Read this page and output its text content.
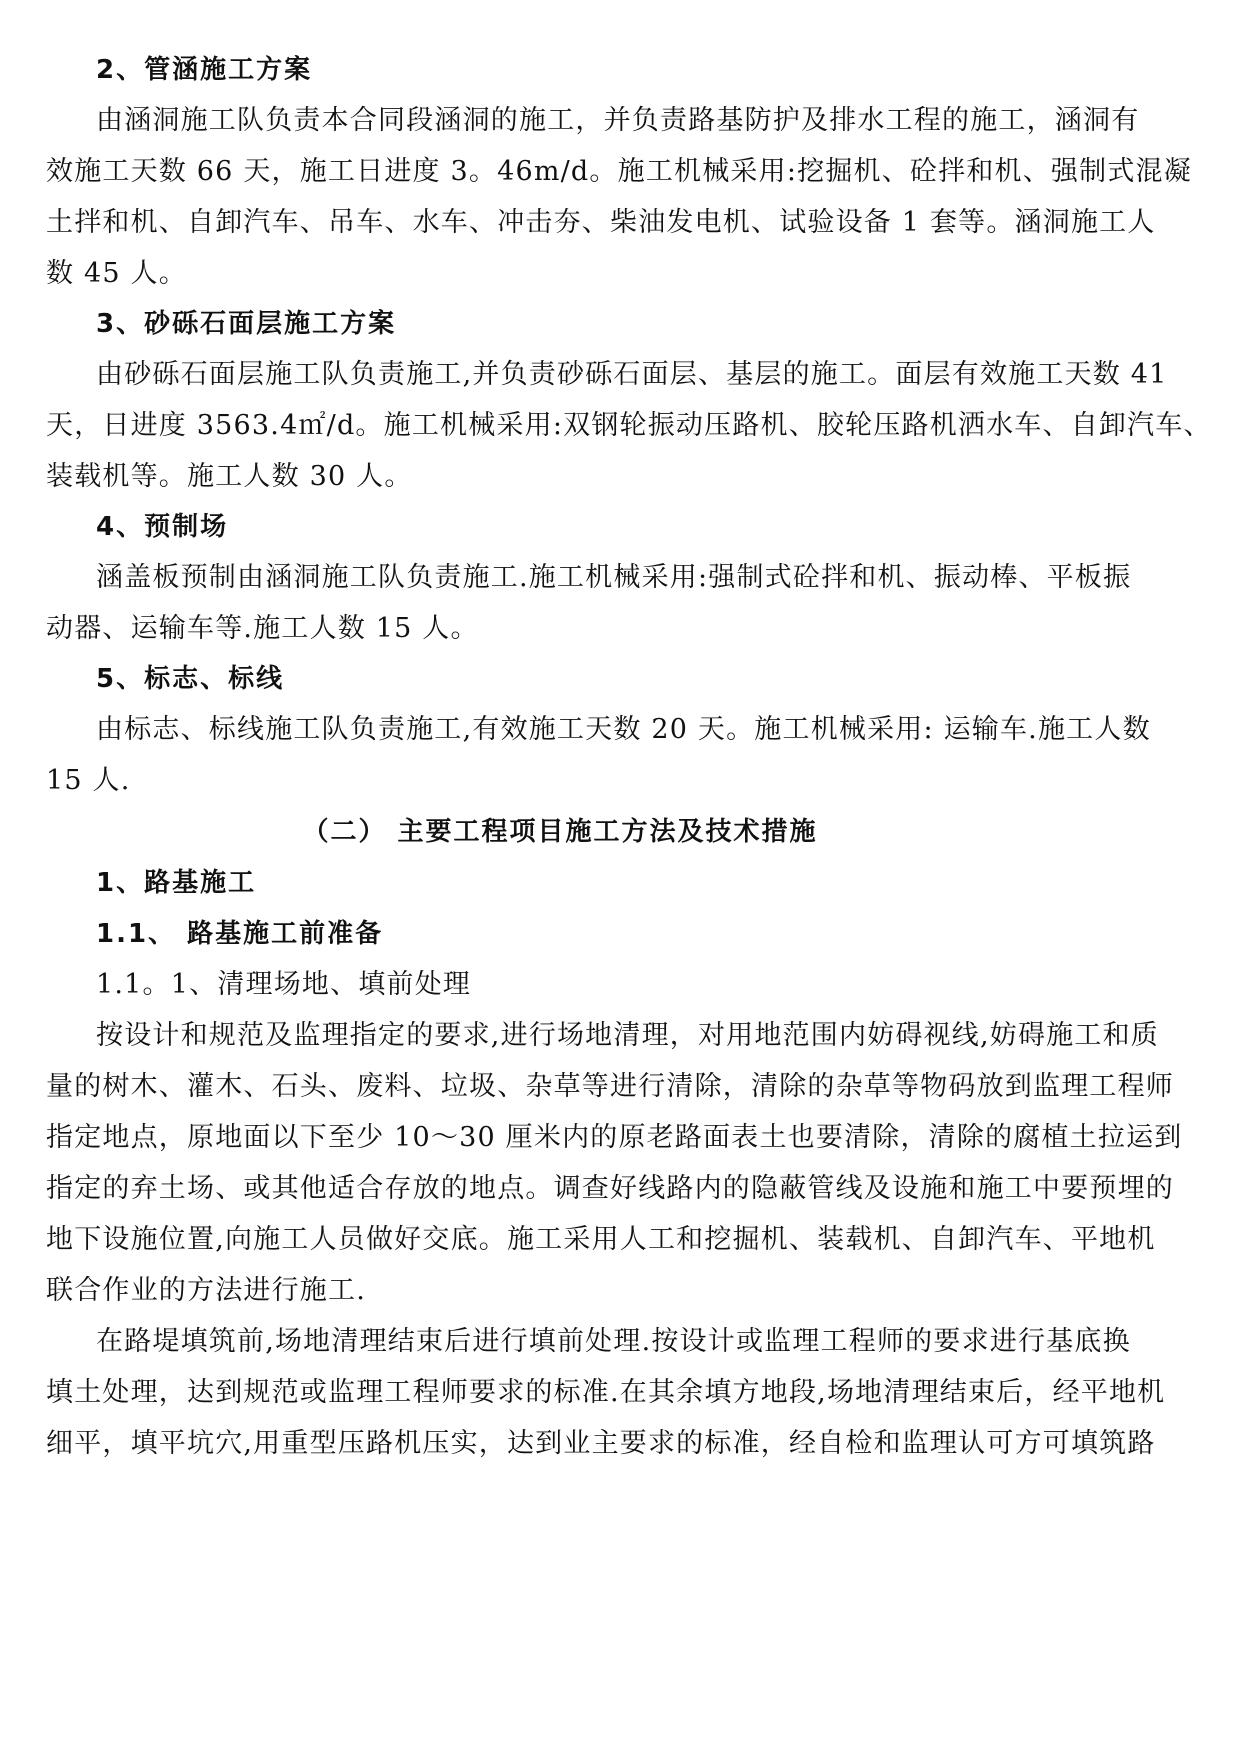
2、管涵施工方案
由涵洞施工队负责本合同段涵洞的施工，并负责路基防护及排水工程的施工，涵洞有
效施工天数 66 天，施工日进度 3。46m/d。施工机械采用:挖掘机、砼拌和机、强制式混凝
土拌和机、自卸汽车、吊车、水车、冲击夯、柴油发电机、试验设备 1 套等。涵洞施工人
数 45 人。
3、砂砾石面层施工方案
由砂砾石面层施工队负责施工,并负责砂砾石面层、基层的施工。面层有效施工天数 41
天，日进度 3563.4㎡/d。施工机械采用:双钢轮振动压路机、胶轮压路机洒水车、自卸汽车、
装载机等。施工人数 30 人。
4、预制场
涵盖板预制由涵洞施工队负责施工.施工机械采用:强制式砼拌和机、振动棒、平板振
动器、运输车等.施工人数 15 人。
5、标志、标线
由标志、标线施工队负责施工,有效施工天数 20 天。施工机械采用: 运输车.施工人数
15 人.
（二） 主要工程项目施工方法及技术措施
1、路基施工
1.1、 路基施工前准备
1.1。1、清理场地、填前处理
按设计和规范及监理指定的要求,进行场地清理，对用地范围内妨碍视线,妨碍施工和质
量的树木、灌木、石头、废料、垃圾、杂草等进行清除，清除的杂草等物码放到监理工程师
指定地点，原地面以下至少 10～30 厘米内的原老路面表土也要清除，清除的腐植土拉运到
指定的弃土场、或其他适合存放的地点。调查好线路内的隐蔽管线及设施和施工中要预埋的
地下设施位置,向施工人员做好交底。施工采用人工和挖掘机、装载机、自卸汽车、平地机
联合作业的方法进行施工.
在路堤填筑前,场地清理结束后进行填前处理.按设计或监理工程师的要求进行基底换
填土处理，达到规范或监理工程师要求的标准.在其余填方地段,场地清理结束后，经平地机
细平，填平坑穴,用重型压路机压实，达到业主要求的标准，经自检和监理认可方可填筑路
